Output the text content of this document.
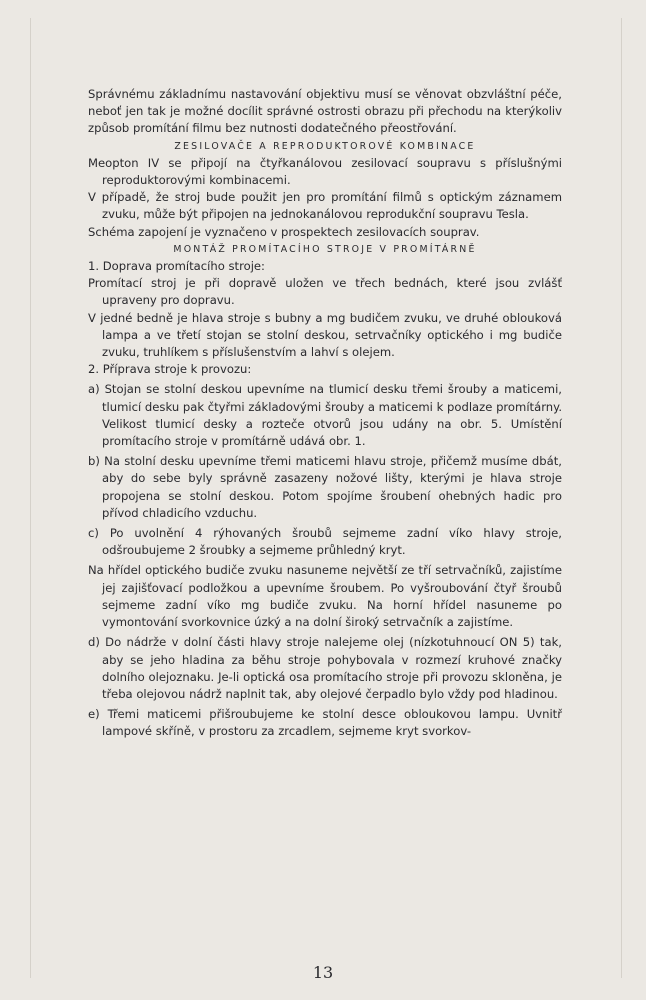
Správnému základnímu nastavování objektivu musí se věnovat obzvláštní péče, neboť jen tak je možné docílit správné ostrosti obrazu při přechodu na kterýkoliv způsob promítání filmu bez nutnosti dodatečného přeostřování.

ZESILOVAČE A REPRODUKTOROVÉ KOMBINACE

Meopton IV se připojí na čtyřkanálovou zesilovací soupravu s příslušnými reproduktorovými kombinacemi.

V případě, že stroj bude použit jen pro promítání filmů s optickým záznamem zvuku, může být připojen na jednokanálovou reprodukční soupravu Tesla.

Schéma zapojení je vyznačeno v prospektech zesilovacích souprav.

MONTÁŽ PROMÍTACÍHO STROJE V PROMÍTÁRNĚ

1. Doprava promítacího stroje:

Promítací stroj je při dopravě uložen ve třech bednách, které jsou zvlášť upraveny pro dopravu.

V jedné bedně je hlava stroje s bubny a mg budičem zvuku, ve druhé oblouková lampa a ve třetí stojan se stolní deskou, setrvačníky optického i mg budiče zvuku, truhlíkem s příslušenstvím a lahví s olejem.

2. Příprava stroje k provozu:

a) Stojan se stolní deskou upevníme na tlumicí desku třemi šrouby a maticemi, tlumicí desku pak čtyřmi základovými šrouby a maticemi k podlaze promítárny. Velikost tlumicí desky a rozteče otvorů jsou udány na obr. 5. Umístění promítacího stroje v promítárně udává obr. 1.

b) Na stolní desku upevníme třemi maticemi hlavu stroje, přičemž musíme dbát, aby do sebe byly správně zasazeny nožové lišty, kterými je hlava stroje propojena se stolní deskou. Potom spojíme šroubení ohebných hadic pro přívod chladicího vzduchu.

c) Po uvolnění 4 rýhovaných šroubů sejmeme zadní víko hlavy stroje, odšroubujeme 2 šroubky a sejmeme průhledný kryt.

Na hřídel optického budiče zvuku nasuneme největší ze tří setrvačníků, zajistíme jej zajišťovací podložkou a upevníme šroubem. Po vyšroubování čtyř šroubů sejmeme zadní víko mg budiče zvuku. Na horní hřídel nasuneme po vymontování svorkovnice úzký a na dolní široký setrvačník a zajistíme.

d) Do nádrže v dolní části hlavy stroje nalejeme olej (nízkotuhnoucí ON 5) tak, aby se jeho hladina za běhu stroje pohybovala v rozmezí kruhové značky dolního olejoznaku. Je-li optická osa promítacího stroje při provozu skloněna, je třeba olejovou nádrž naplnit tak, aby olejové čerpadlo bylo vždy pod hladinou.

e) Třemi maticemi přišroubujeme ke stolní desce obloukovou lampu. Uvnitř lampové skříně, v prostoru za zrcadlem, sejmeme kryt svorkov-

13
